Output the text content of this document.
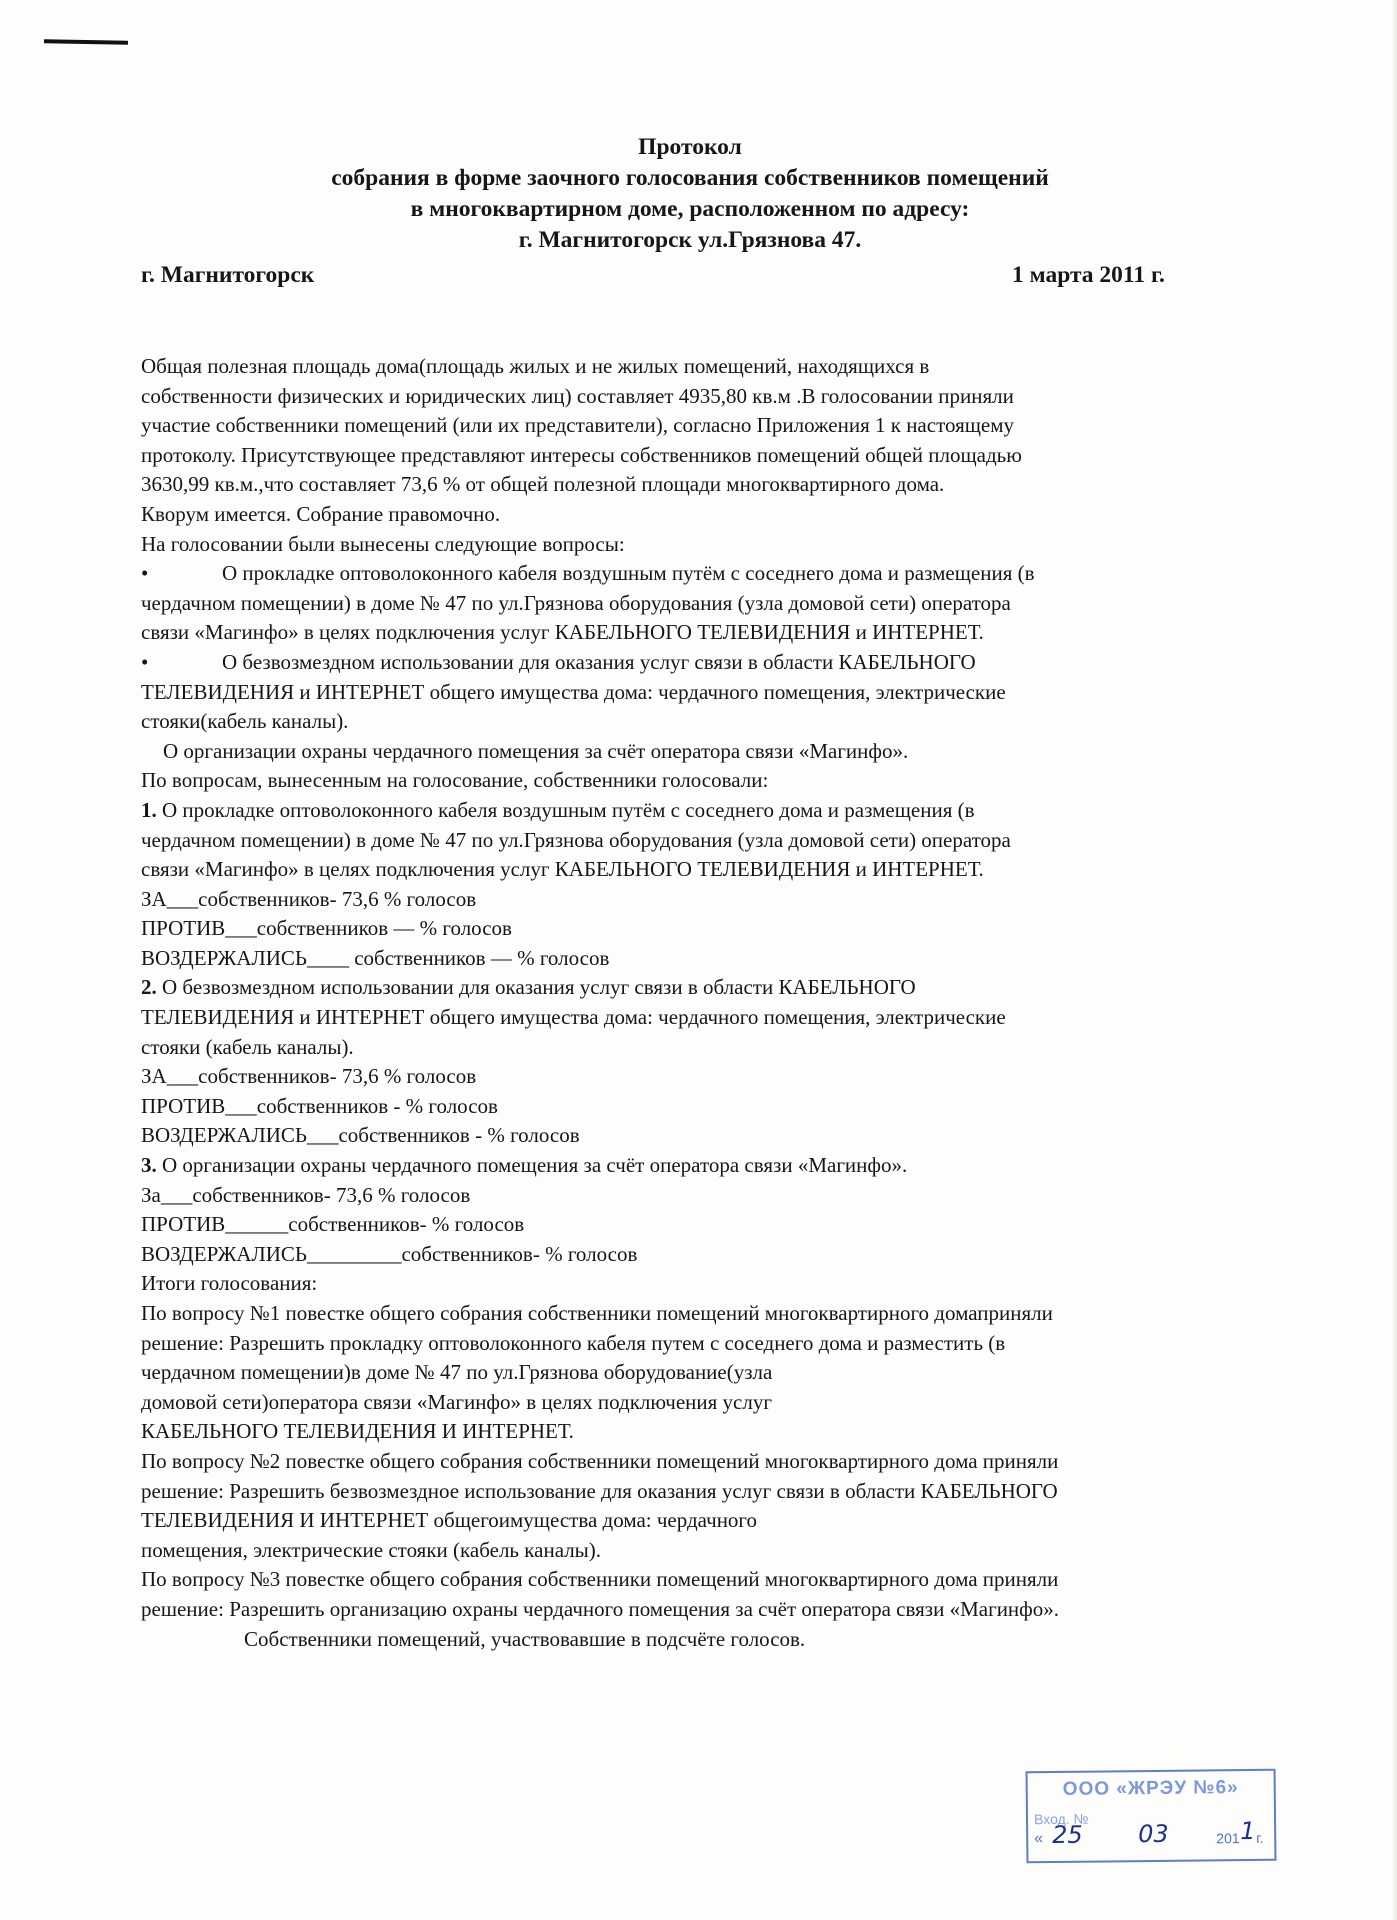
Протокол
собрания в форме заочного голосования собственников помещений
в многоквартирном доме, расположенном по адресу:
г. Магнитогорск ул.Грязнова 47.
г. Магнитогорск	1 марта 2011 г.
Общая полезная площадь дома(площадь жилых и не жилых помещений, находящихся в
собственности физических и юридических лиц) составляет 4935,80 кв.м .В голосовании приняли
участие собственники помещений (или их представители), согласно Приложения 1 к настоящему
протоколу. Присутствующее представляют интересы собственников помещений общей площадью
3630,99 кв.м.,что составляет 73,6 % от общей полезной площади многоквартирного дома.
Кворум имеется. Собрание правомочно.
На голосовании были вынесены следующие вопросы:
•	О прокладке оптоволоконного кабеля воздушным путём с соседнего дома и размещения (в
чердачном помещении) в доме № 47 по ул.Грязнова оборудования (узла домовой сети) оператора
связи «Магинфо» в целях подключения услуг КАБЕЛЬНОГО ТЕЛЕВИДЕНИЯ и ИНТЕРНЕТ.
•	О безвозмездном использовании для оказания услуг связи в области КАБЕЛЬНОГО
ТЕЛЕВИДЕНИЯ и ИНТЕРНЕТ общего имущества дома: чердачного помещения, электрические
стояки(кабель каналы).
О организации охраны чердачного помещения за счёт оператора связи «Магинфо».
По вопросам, вынесенным на голосование, собственники голосовали:
1. О прокладке оптоволоконного кабеля воздушным путём с соседнего дома и размещения (в
чердачном помещении) в доме № 47 по ул.Грязнова оборудования (узла домовой сети) оператора
связи «Магинфо» в целях подключения услуг КАБЕЛЬНОГО ТЕЛЕВИДЕНИЯ и ИНТЕРНЕТ.
ЗА___собственников- 73,6 % голосов
ПРОТИВ___собственников — % голосов
ВОЗДЕРЖАЛИСЬ____ собственников — % голосов
2. О безвозмездном использовании для оказания услуг связи в области КАБЕЛЬНОГО
ТЕЛЕВИДЕНИЯ и ИНТЕРНЕТ общего имущества дома: чердачного помещения, электрические
стояки (кабель каналы).
ЗА___собственников- 73,6 % голосов
ПРОТИВ___собственников - % голосов
ВОЗДЕРЖАЛИСЬ___собственников - % голосов
3. О организации охраны чердачного помещения за счёт оператора связи «Магинфо».
За___собственников- 73,6 % голосов
ПРОТИВ______собственников- % голосов
ВОЗДЕРЖАЛИСЬ_________собственников- % голосов
Итоги голосования:
По вопросу №1 повестке общего собрания собственники помещений многоквартирного домаприняли
решение: Разрешить прокладку оптоволоконного кабеля путем с соседнего дома и разместить (в
чердачном помещении)в доме № 47 по ул.Грязнова оборудование(узла
домовой сети)оператора связи «Магинфо» в целях подключения услуг
КАБЕЛЬНОГО ТЕЛЕВИДЕНИЯ И ИНТЕРНЕТ.
По вопросу №2 повестке общего собрания собственники помещений многоквартирного дома приняли
решение: Разрешить безвозмездное использование для оказания услуг связи в области КАБЕЛЬНОГО
ТЕЛЕВИДЕНИЯ И ИНТЕРНЕТ общегоимущества дома: чердачного
помещения, электрические стояки (кабель каналы).
По вопросу №3 повестке общего собрания собственники помещений многоквартирного дома приняли
решение: Разрешить организацию охраны чердачного помещения за счёт оператора связи «Магинфо».
Собственники помещений, участвовавшие в подсчёте голосов.
ООО «ЖРЭУ №6»
Вход. №
« 25 03	201 1 г.
